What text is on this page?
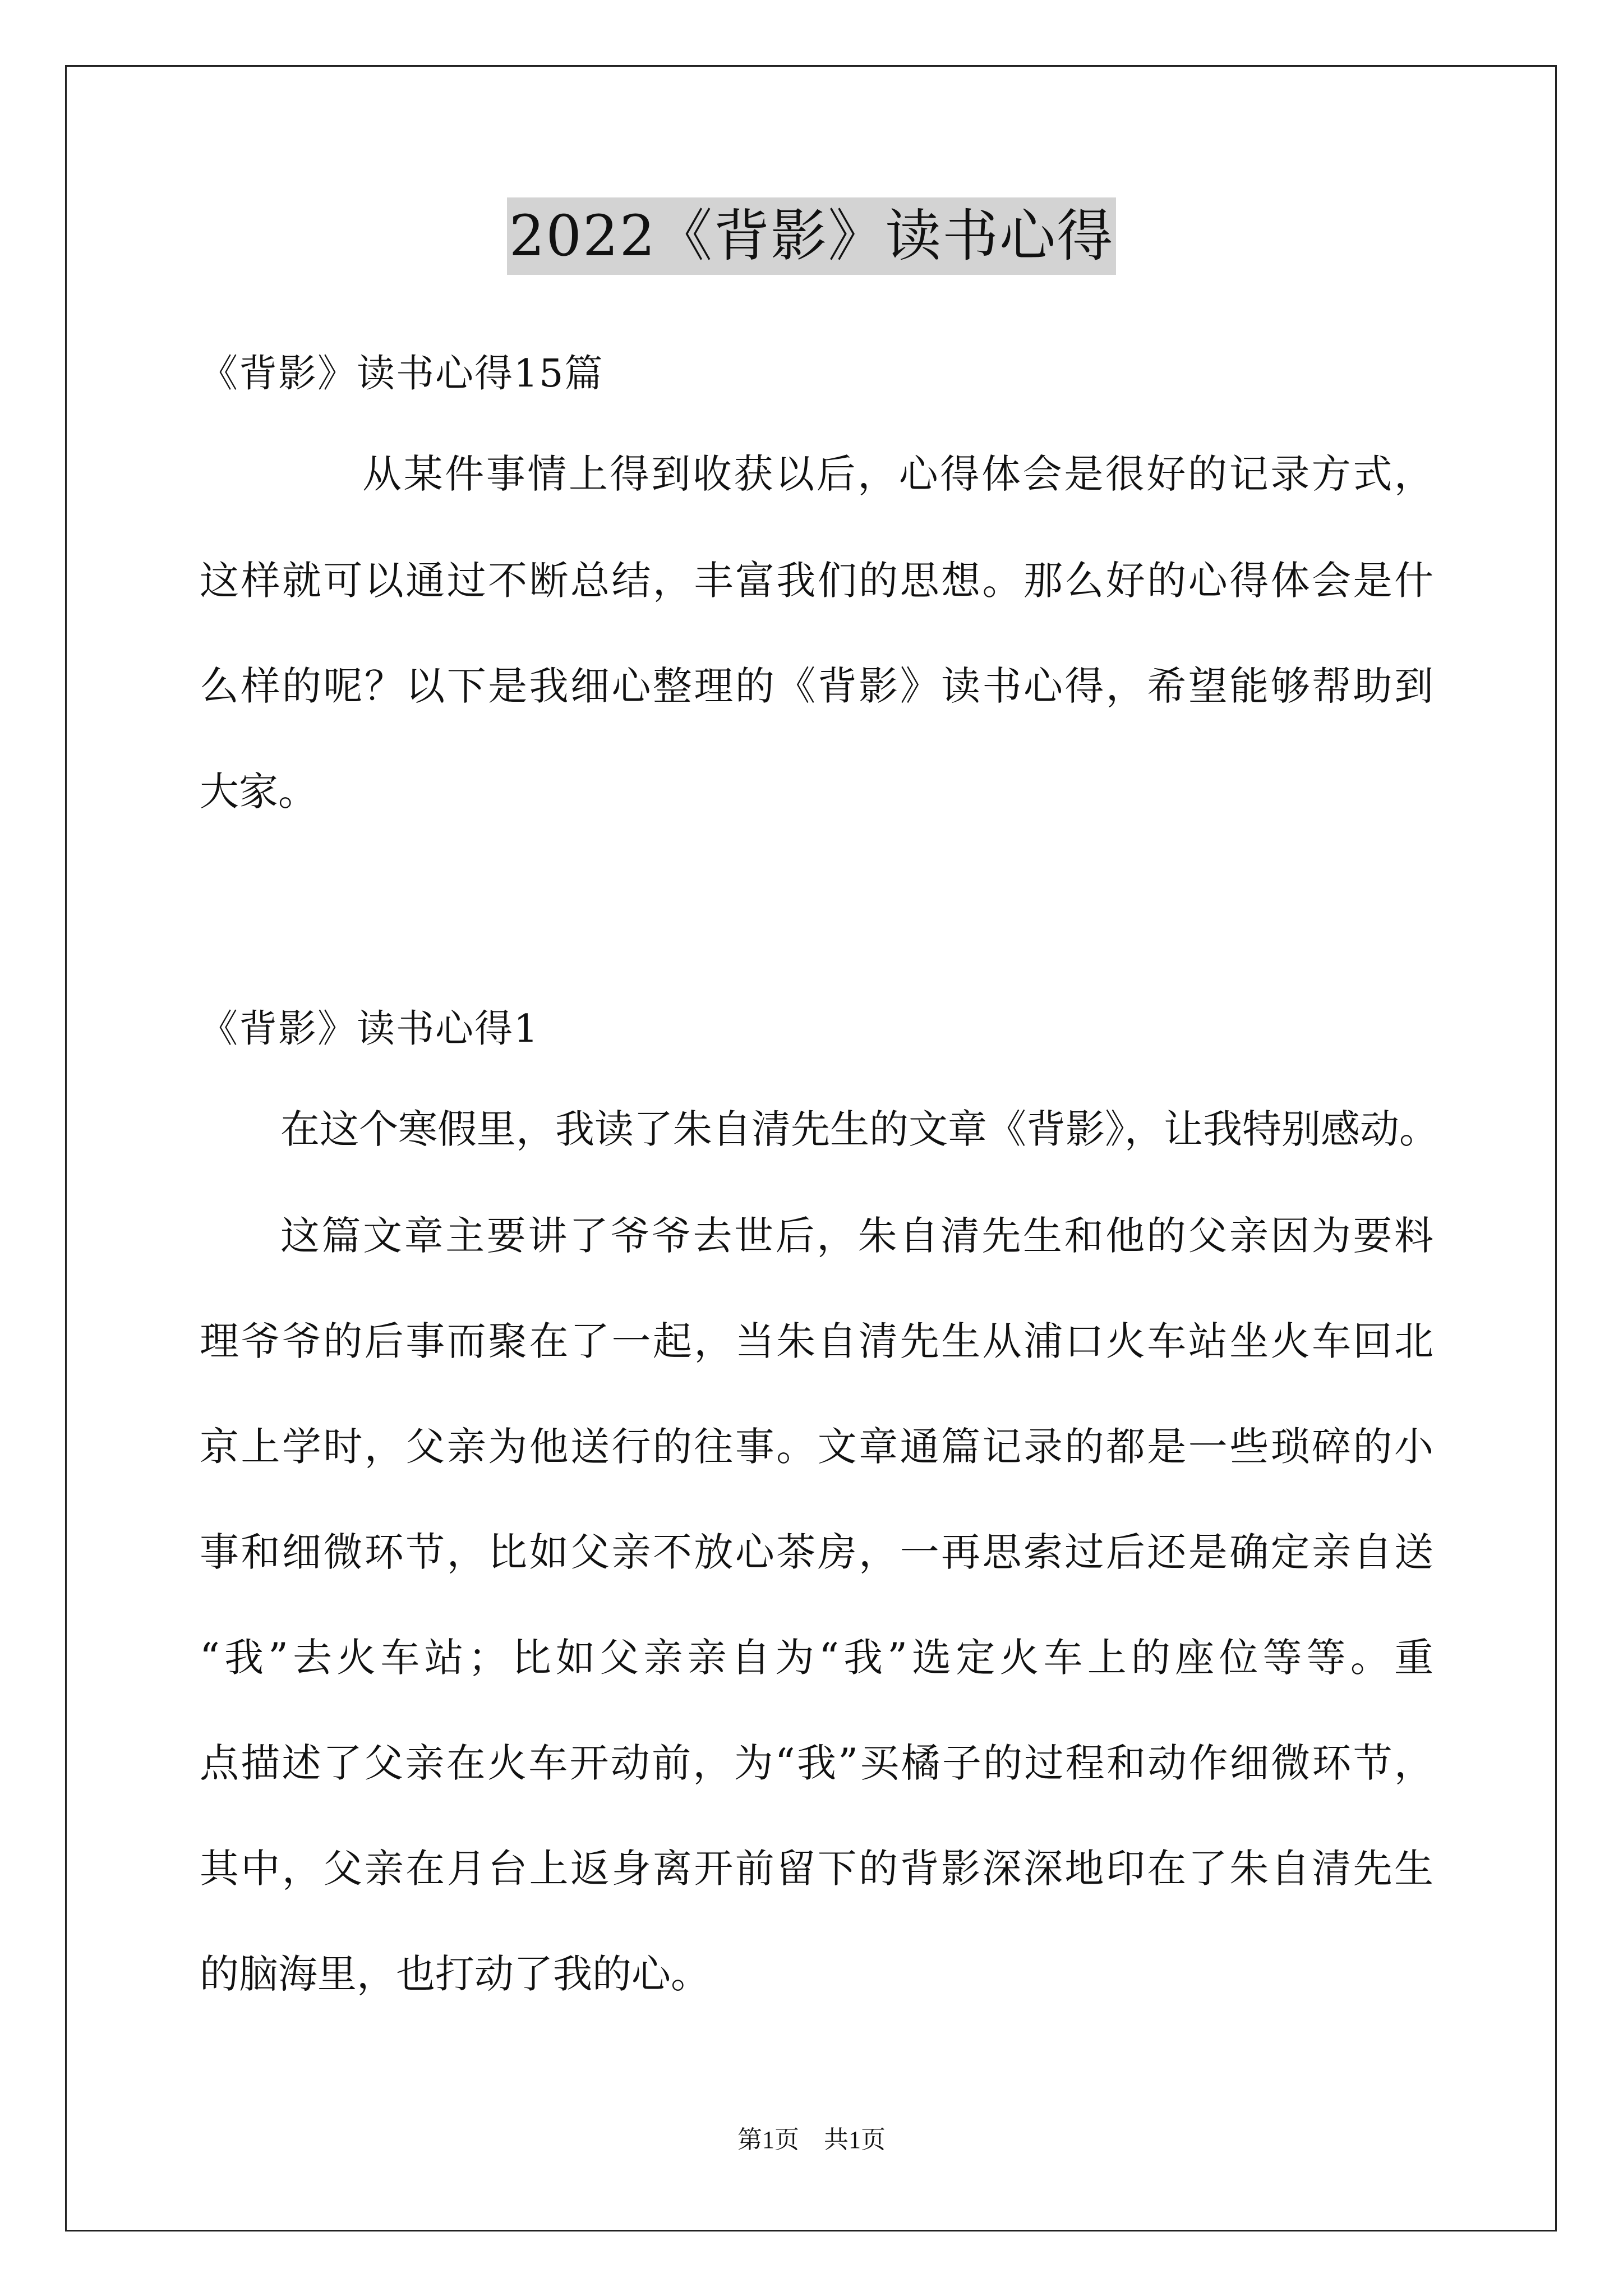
2022《背影》读书心得

《背影》读书心得15篇

从某件事情上得到收获以后，心得体会是很好的记录方式，

这样就可以通过不断总结，丰富我们的思想。那么好的心得体会是什

么样的呢？以下是我细心整理的《背影》读书心得，希望能够帮助到

大家。

《背影》读书心得1

在这个寒假里，我读了朱自清先生的文章《背影》，让我特别感动。

这篇文章主要讲了爷爷去世后，朱自清先生和他的父亲因为要料

理爷爷的后事而聚在了一起，当朱自清先生从浦口火车站坐火车回北

京上学时，父亲为他送行的往事。文章通篇记录的都是一些琐碎的小

事和细微环节，比如父亲不放心茶房，一再思索过后还是确定亲自送

“我”去火车站；比如父亲亲自为“我”选定火车上的座位等等。重

点描述了父亲在火车开动前，为“我”买橘子的过程和动作细微环节，

其中，父亲在月台上返身离开前留下的背影深深地印在了朱自清先生

的脑海里，也打动了我的心。

第1页　共1页
